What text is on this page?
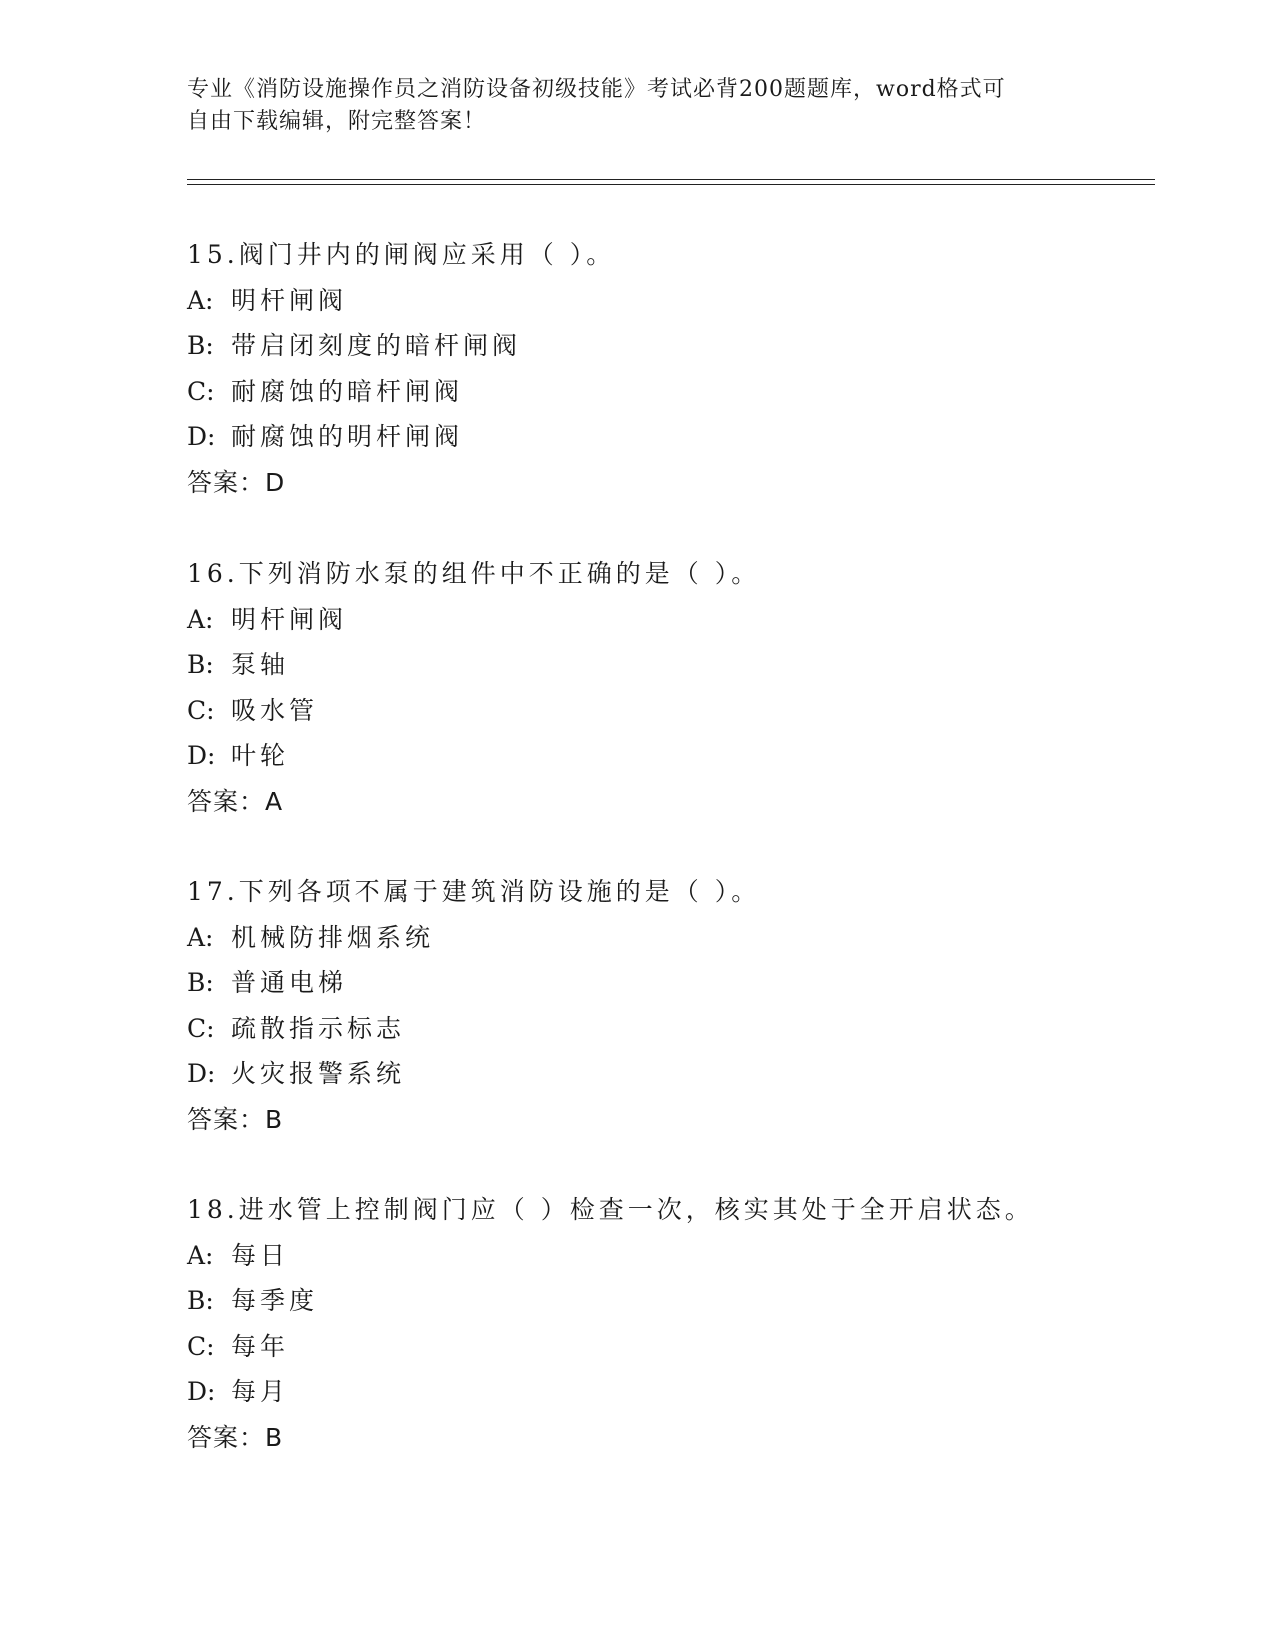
专业《消防设施操作员之消防设备初级技能》考试必背200题题库，word格式可
自由下载编辑，附完整答案！
15.阀门井内的闸阀应采用（ ）。
A: 明杆闸阀
B: 带启闭刻度的暗杆闸阀
C: 耐腐蚀的暗杆闸阀
D: 耐腐蚀的明杆闸阀
答案：D
16.下列消防水泵的组件中不正确的是（ ）。
A: 明杆闸阀
B: 泵轴
C: 吸水管
D: 叶轮
答案：A
17.下列各项不属于建筑消防设施的是（ ）。
A: 机械防排烟系统
B: 普通电梯
C: 疏散指示标志
D: 火灾报警系统
答案：B
18.进水管上控制阀门应（ ）检查一次，核实其处于全开启状态。
A: 每日
B: 每季度
C: 每年
D: 每月
答案：B
